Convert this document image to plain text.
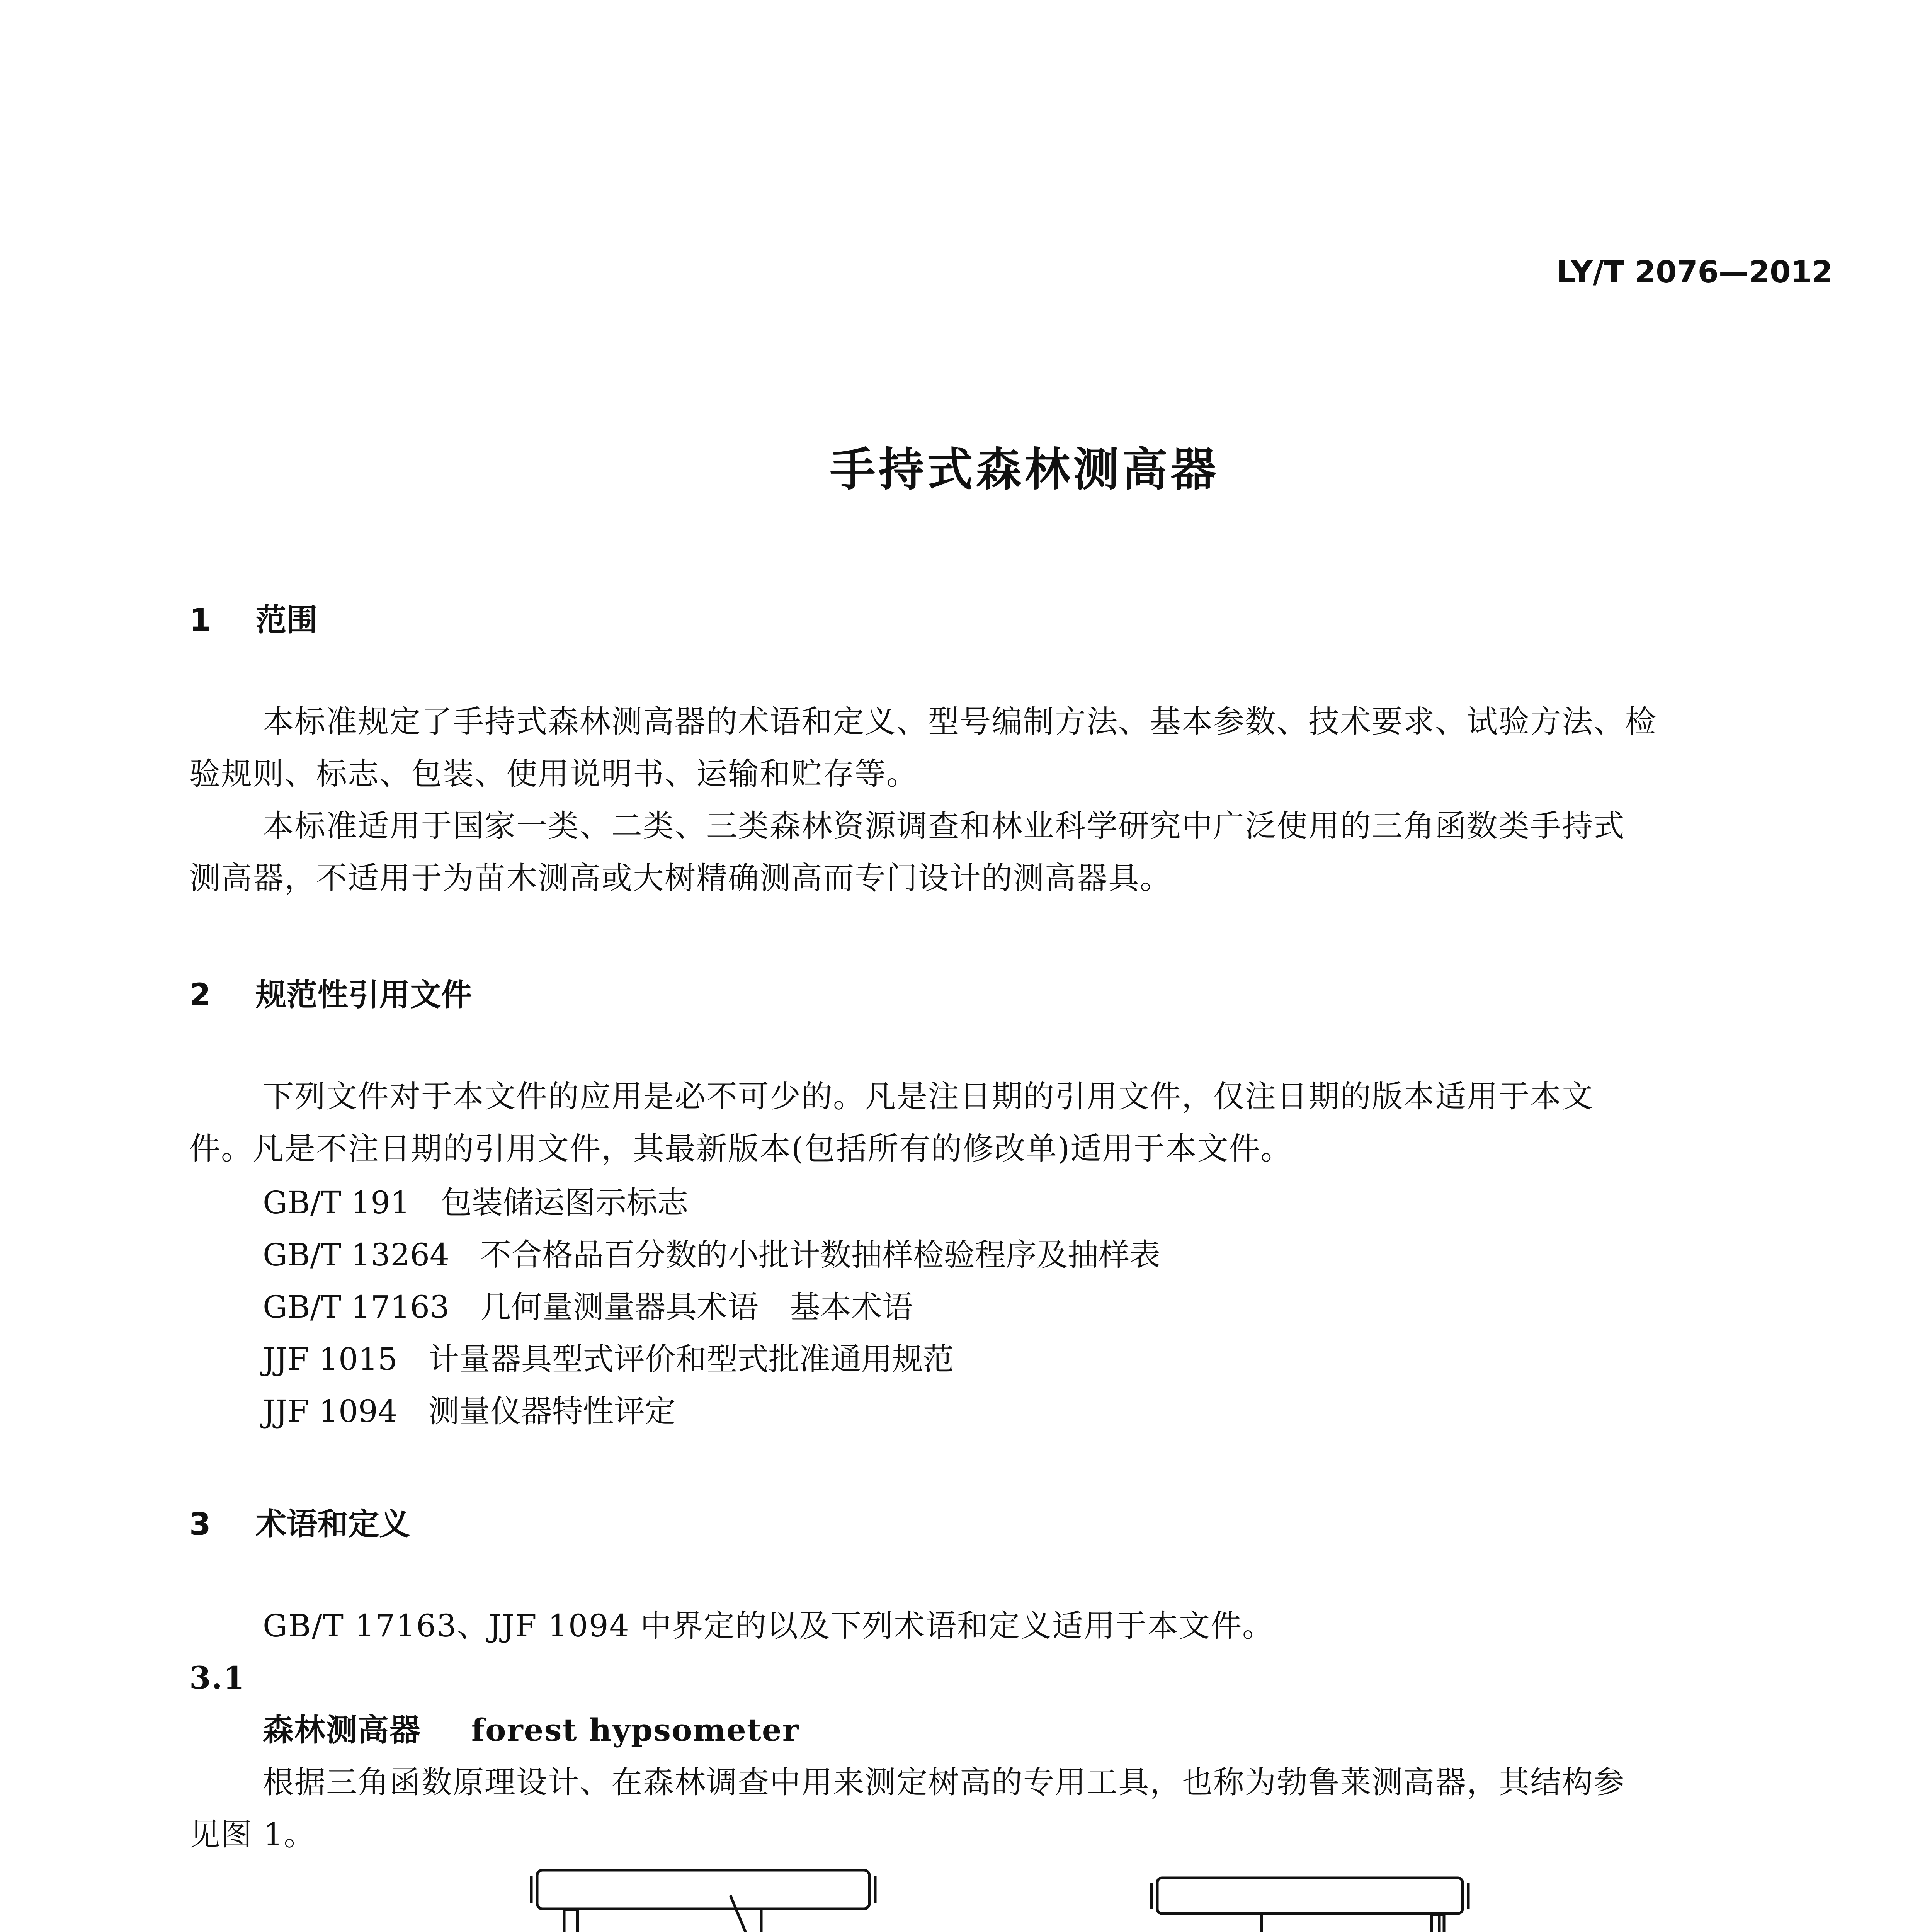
LY/T 2076—2012
手持式森林测高器
1 范围
本标准规定了手持式森林测高器的术语和定义、型号编制方法、基本参数、技术要求、试验方法、检
验规则、标志、包装、使用说明书、运输和贮存等。
本标准适用于国家一类、二类、三类森林资源调查和林业科学研究中广泛使用的三角函数类手持式
测高器，不适用于为苗木测高或大树精确测高而专门设计的测高器具。
2 规范性引用文件
下列文件对于本文件的应用是必不可少的。凡是注日期的引用文件，仅注日期的版本适用于本文
件。凡是不注日期的引用文件，其最新版本(包括所有的修改单)适用于本文件。
GB/T 191 包装储运图示标志
GB/T 13264 不合格品百分数的小批计数抽样检验程序及抽样表
GB/T 17163 几何量测量器具术语　基本术语
JJF 1015 计量器具型式评价和型式批准通用规范
JJF 1094 测量仪器特性评定
3 术语和定义
GB/T 17163、JJF 1094 中界定的以及下列术语和定义适用于本文件。
3.1
森林测高器 forest hypsometer
根据三角函数原理设计、在森林调查中用来测定树高的专用工具，也称为勃鲁莱测高器，其结构参
见图 1。
